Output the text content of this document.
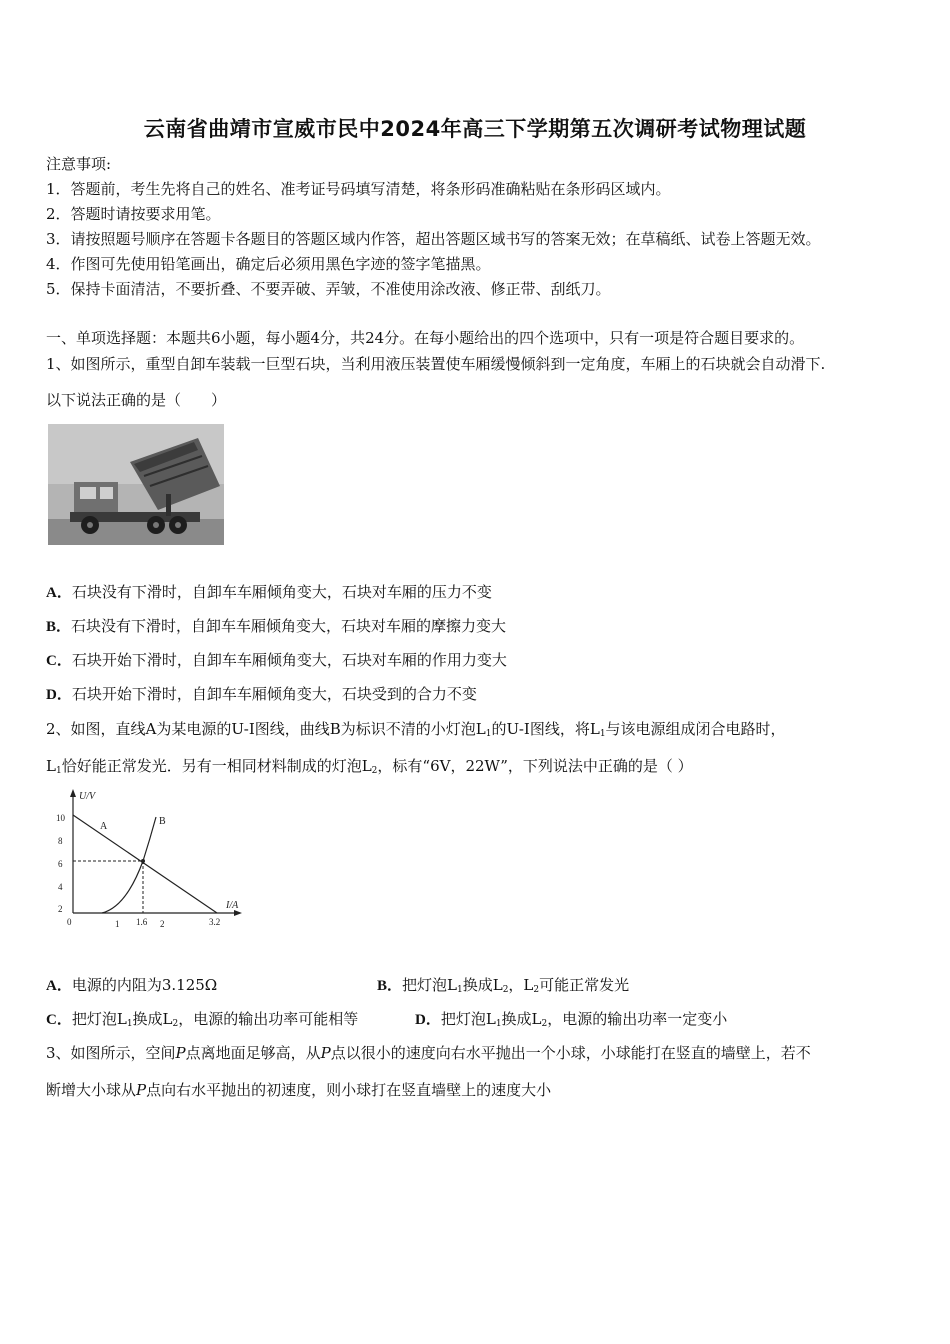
云南省曲靖市宣威市民中2024年高三下学期第五次调研考试物理试题
注意事项:
1．答题前，考生先将自己的姓名、准考证号码填写清楚，将条形码准确粘贴在条形码区域内。
2．答题时请按要求用笔。
3．请按照题号顺序在答题卡各题目的答题区域内作答，超出答题区域书写的答案无效；在草稿纸、试卷上答题无效。
4．作图可先使用铅笔画出，确定后必须用黑色字迹的签字笔描黑。
5．保持卡面清洁，不要折叠、不要弄破、弄皱，不准使用涂改液、修正带、刮纸刀。
一、单项选择题：本题共6小题，每小题4分，共24分。在每小题给出的四个选项中，只有一项是符合题目要求的。
1、如图所示，重型自卸车装载一巨型石块，当利用液压装置使车厢缓慢倾斜到一定角度，车厢上的石块就会自动滑下.
以下说法正确的是（　　）
A．石块没有下滑时，自卸车车厢倾角变大，石块对车厢的压力不变
B．石块没有下滑时，自卸车车厢倾角变大，石块对车厢的摩擦力变大
C．石块开始下滑时，自卸车车厢倾角变大，石块对车厢的作用力变大
D．石块开始下滑时，自卸车车厢倾角变大，石块受到的合力不变
2、如图，直线A为某电源的U-I图线，曲线B为标识不清的小灯泡$L_1$的U-I图线，将$L_1$与该电源组成闭合电路时，
$L_1$恰好能正常发光．另有一相同材料制成的灯泡$L_2$，标有“6V，22W”，下列说法中正确的是（ ）
U/V
I/A
0
10
8
6
4
2
1 1.6 2	3.2
A	B
A．电源的内阻为3.125Ω	B．把灯泡$L_1$换成$L_2$，$L_2$可能正常发光
C．把灯泡$L_1$换成$L_2$，电源的输出功率可能相等	D．把灯泡$L_1$换成$L_2$，电源的输出功率一定变小
3、如图所示，空间P点离地面足够高，从P点以很小的速度向右水平抛出一个小球，小球能打在竖直的墙壁上，若不
断增大小球从P点向右水平抛出的初速度，则小球打在竖直墙壁上的速度大小
